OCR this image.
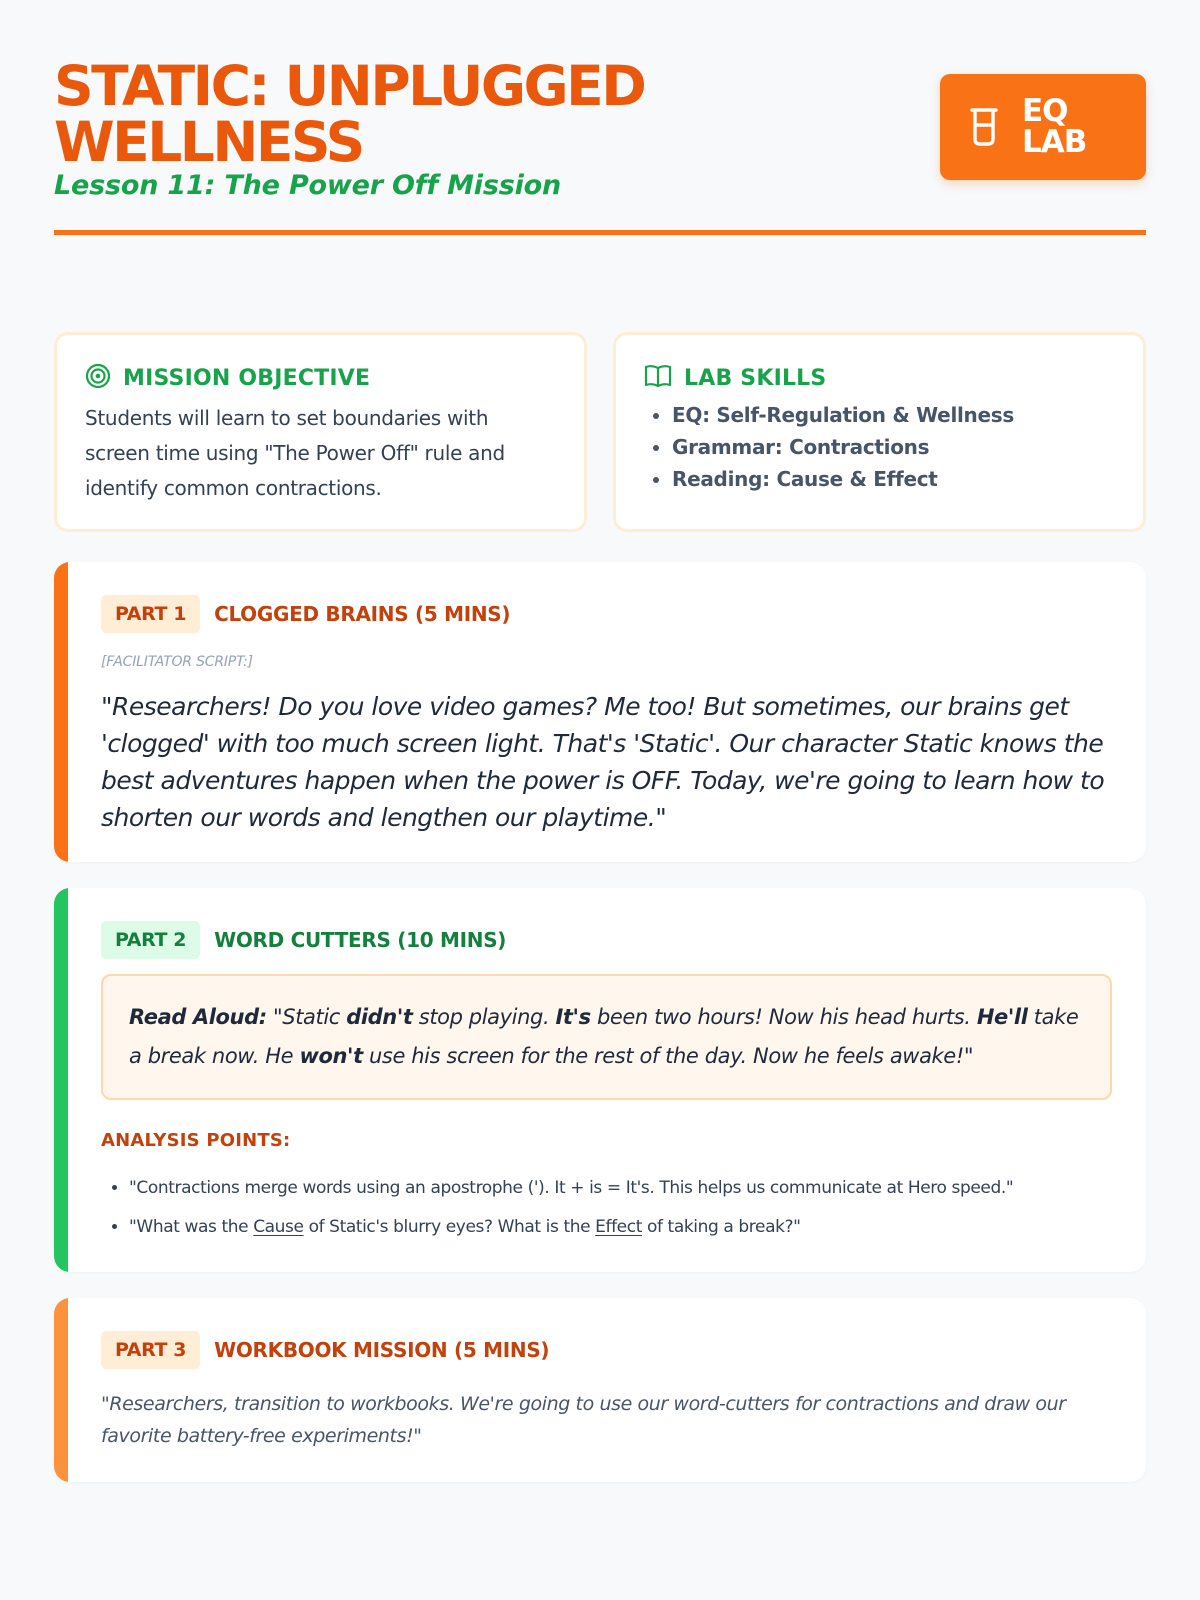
STATIC: UNPLUGGED WELLNESS
Lesson 11: The Power Off Mission
EQ
LAB
MISSION OBJECTIVE
Students will learn to set boundaries with screen time using "The Power Off" rule and identify common contractions.
LAB SKILLS
• EQ: Self-Regulation & Wellness
• Grammar: Contractions
• Reading: Cause & Effect
PART 1	CLOGGED BRAINS (5 MINS)
[FACILITATOR SCRIPT:]
"Researchers! Do you love video games? Me too! But sometimes, our brains get 'clogged' with too much screen light. That's 'Static'. Our character Static knows the best adventures happen when the power is OFF. Today, we're going to learn how to shorten our words and lengthen our playtime."
PART 2	WORD CUTTERS (10 MINS)
Read Aloud: "Static didn't stop playing. It's been two hours! Now his head hurts. He'll take a break now. He won't use his screen for the rest of the day. Now he feels awake!"
ANALYSIS POINTS:
• "Contractions merge words using an apostrophe ('). It + is = It's. This helps us communicate at Hero speed."
• "What was the Cause of Static's blurry eyes? What is the Effect of taking a break?"
PART 3	WORKBOOK MISSION (5 MINS)
"Researchers, transition to workbooks. We're going to use our word-cutters for contractions and draw our favorite battery-free experiments!"
